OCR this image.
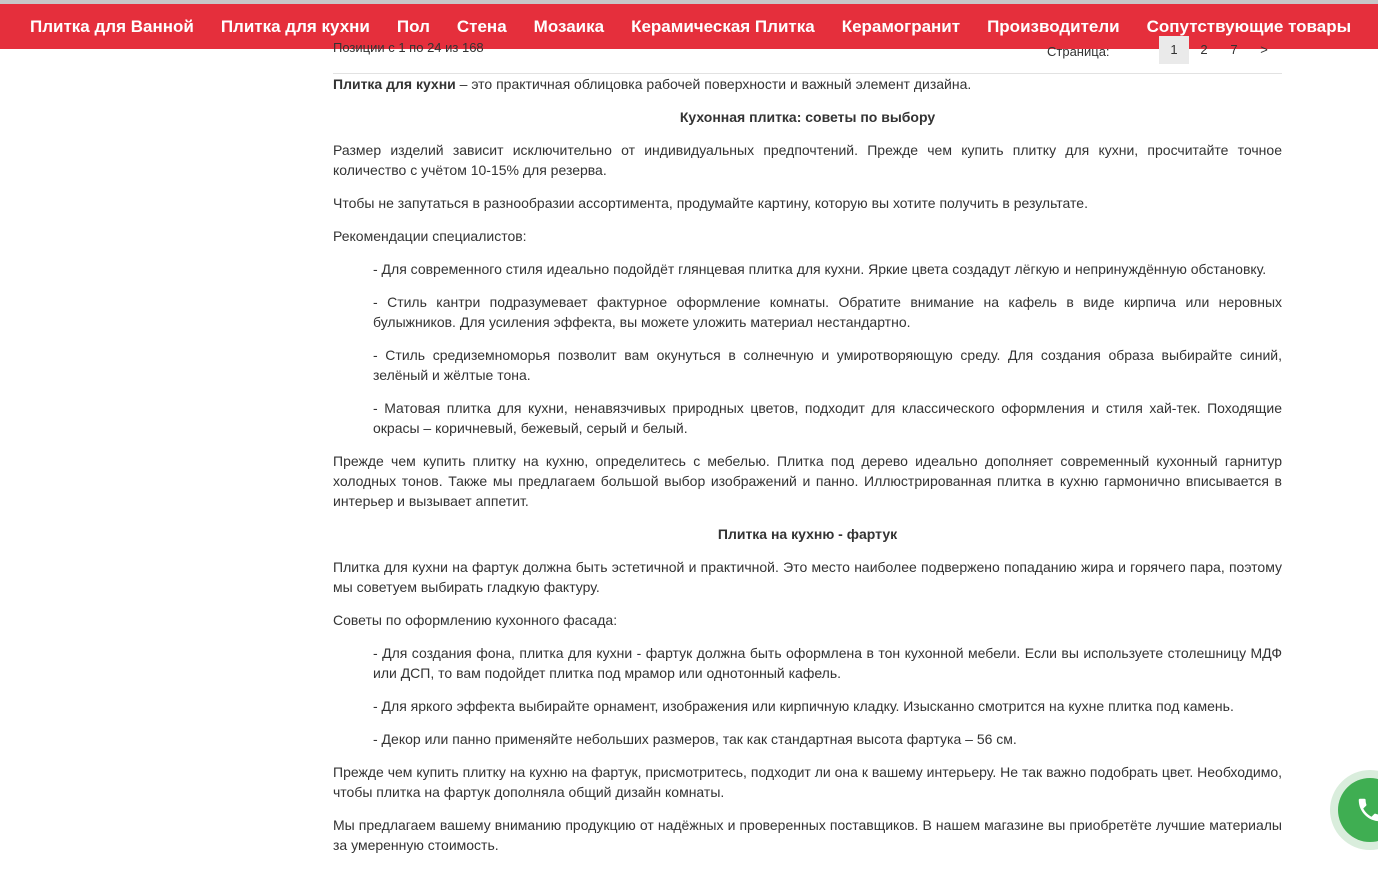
Плитка для Ванной Плитка для кухни Пол Стена Мозаика Керамическая Плитка Керамогранит Производители Сопутствующие товары
Позиции с 1 по 24 из 168	Страница:	1	2	7	>

Плитка для кухни – это практичная облицовка рабочей поверхности и важный элемент дизайна.

Кухонная плитка: советы по выбору

Размер изделий зависит исключительно от индивидуальных предпочтений. Прежде чем купить плитку для кухни, просчитайте точное количество с учётом 10-15% для резерва.

Чтобы не запутаться в разнообразии ассортимента, продумайте картину, которую вы хотите получить в результате.

Рекомендации специалистов:

- Для современного стиля идеально подойдёт глянцевая плитка для кухни. Яркие цвета создадут лёгкую и непринуждённую обстановку.

- Стиль кантри подразумевает фактурное оформление комнаты. Обратите внимание на кафель в виде кирпича или неровных булыжников. Для усиления эффекта, вы можете уложить материал нестандартно.

- Стиль средиземноморья позволит вам окунуться в солнечную и умиротворяющую среду. Для создания образа выбирайте синий, зелёный и жёлтые тона.

- Матовая плитка для кухни, ненавязчивых природных цветов, подходит для классического оформления и стиля хай-тек. Походящие окрасы – коричневый, бежевый, серый и белый.

Прежде чем купить плитку на кухню, определитесь с мебелью. Плитка под дерево идеально дополняет современный кухонный гарнитур холодных тонов. Также мы предлагаем большой выбор изображений и панно. Иллюстрированная плитка в кухню гармонично вписывается в интерьер и вызывает аппетит.

Плитка на кухню - фартук

Плитка для кухни на фартук должна быть эстетичной и практичной. Это место наиболее подвержено попаданию жира и горячего пара, поэтому мы советуем выбирать гладкую фактуру.

Советы по оформлению кухонного фасада:

- Для создания фона, плитка для кухни - фартук должна быть оформлена в тон кухонной мебели. Если вы используете столешницу МДФ или ДСП, то вам подойдет плитка под мрамор или однотонный кафель.

- Для яркого эффекта выбирайте орнамент, изображения или кирпичную кладку. Изысканно смотрится на кухне плитка под камень.

- Декор или панно применяйте небольших размеров, так как стандартная высота фартука – 56 см.

Прежде чем купить плитку на кухню на фартук, присмотритесь, подходит ли она к вашему интерьеру. Не так важно подобрать цвет. Необходимо, чтобы плитка на фартук дополняла общий дизайн комнаты.

Мы предлагаем вашему вниманию продукцию от надёжных и проверенных поставщиков. В нашем магазине вы приобретёте лучшие материалы за умеренную стоимость.
